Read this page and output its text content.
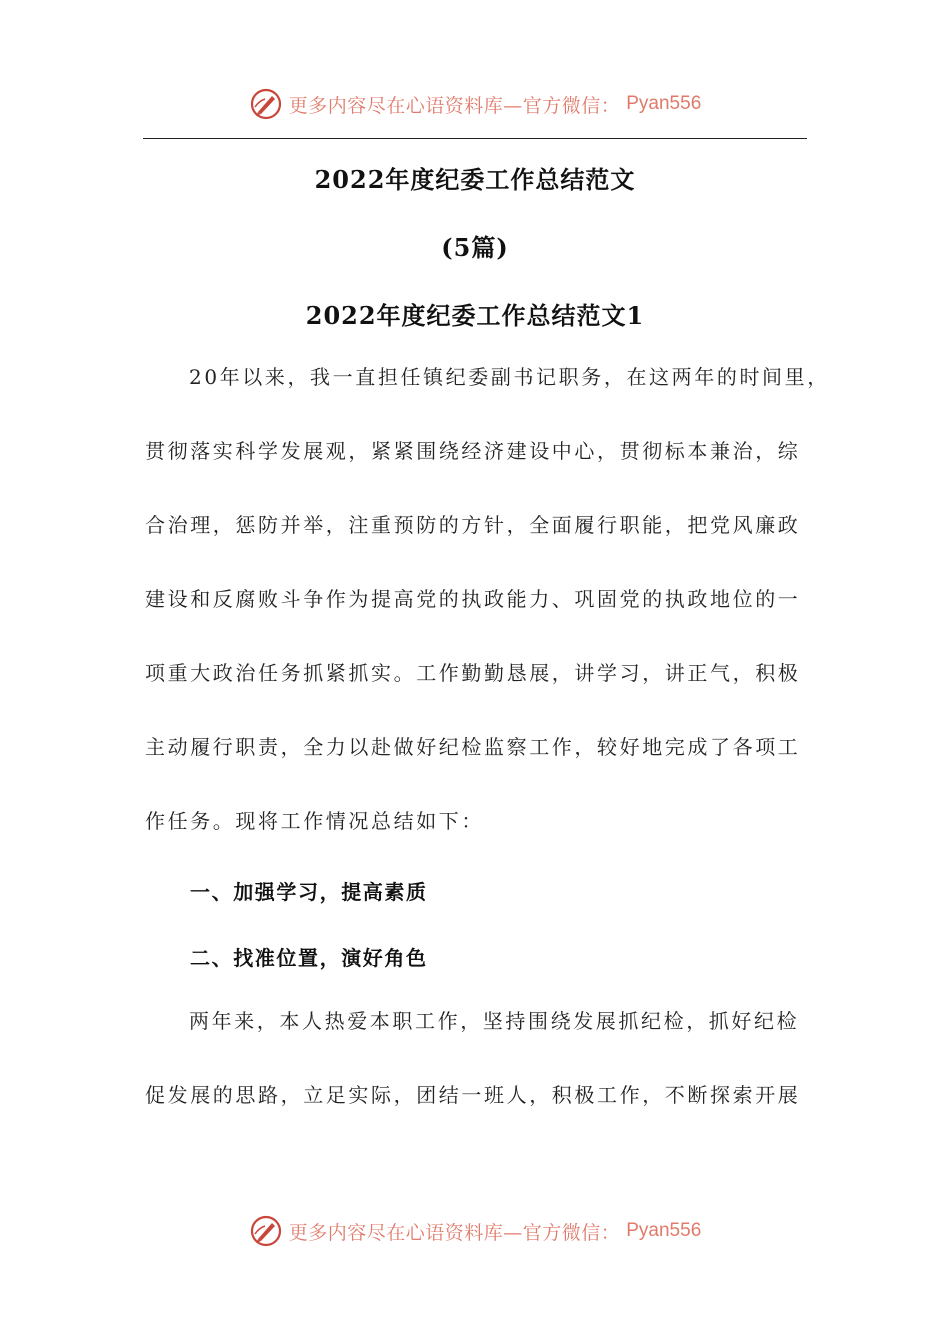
更多内容尽在心语资料库—官方微信： Pyan556
2022年度纪委工作总结范文
(5篇)
2022年度纪委工作总结范文1
20年以来，我一直担任镇纪委副书记职务，在这两年的时间里，
贯彻落实科学发展观，紧紧围绕经济建设中心，贯彻标本兼治，综
合治理，惩防并举，注重预防的方针，全面履行职能，把党风廉政
建设和反腐败斗争作为提高党的执政能力、巩固党的执政地位的一
项重大政治任务抓紧抓实。工作勤勤恳展，讲学习，讲正气，积极
主动履行职责，全力以赴做好纪检监察工作，较好地完成了各项工
作任务。现将工作情况总结如下：
一、加强学习，提高素质
二、找准位置，演好角色
两年来，本人热爱本职工作，坚持围绕发展抓纪检，抓好纪检
促发展的思路，立足实际，团结一班人，积极工作，不断探索开展
更多内容尽在心语资料库—官方微信： Pyan556
